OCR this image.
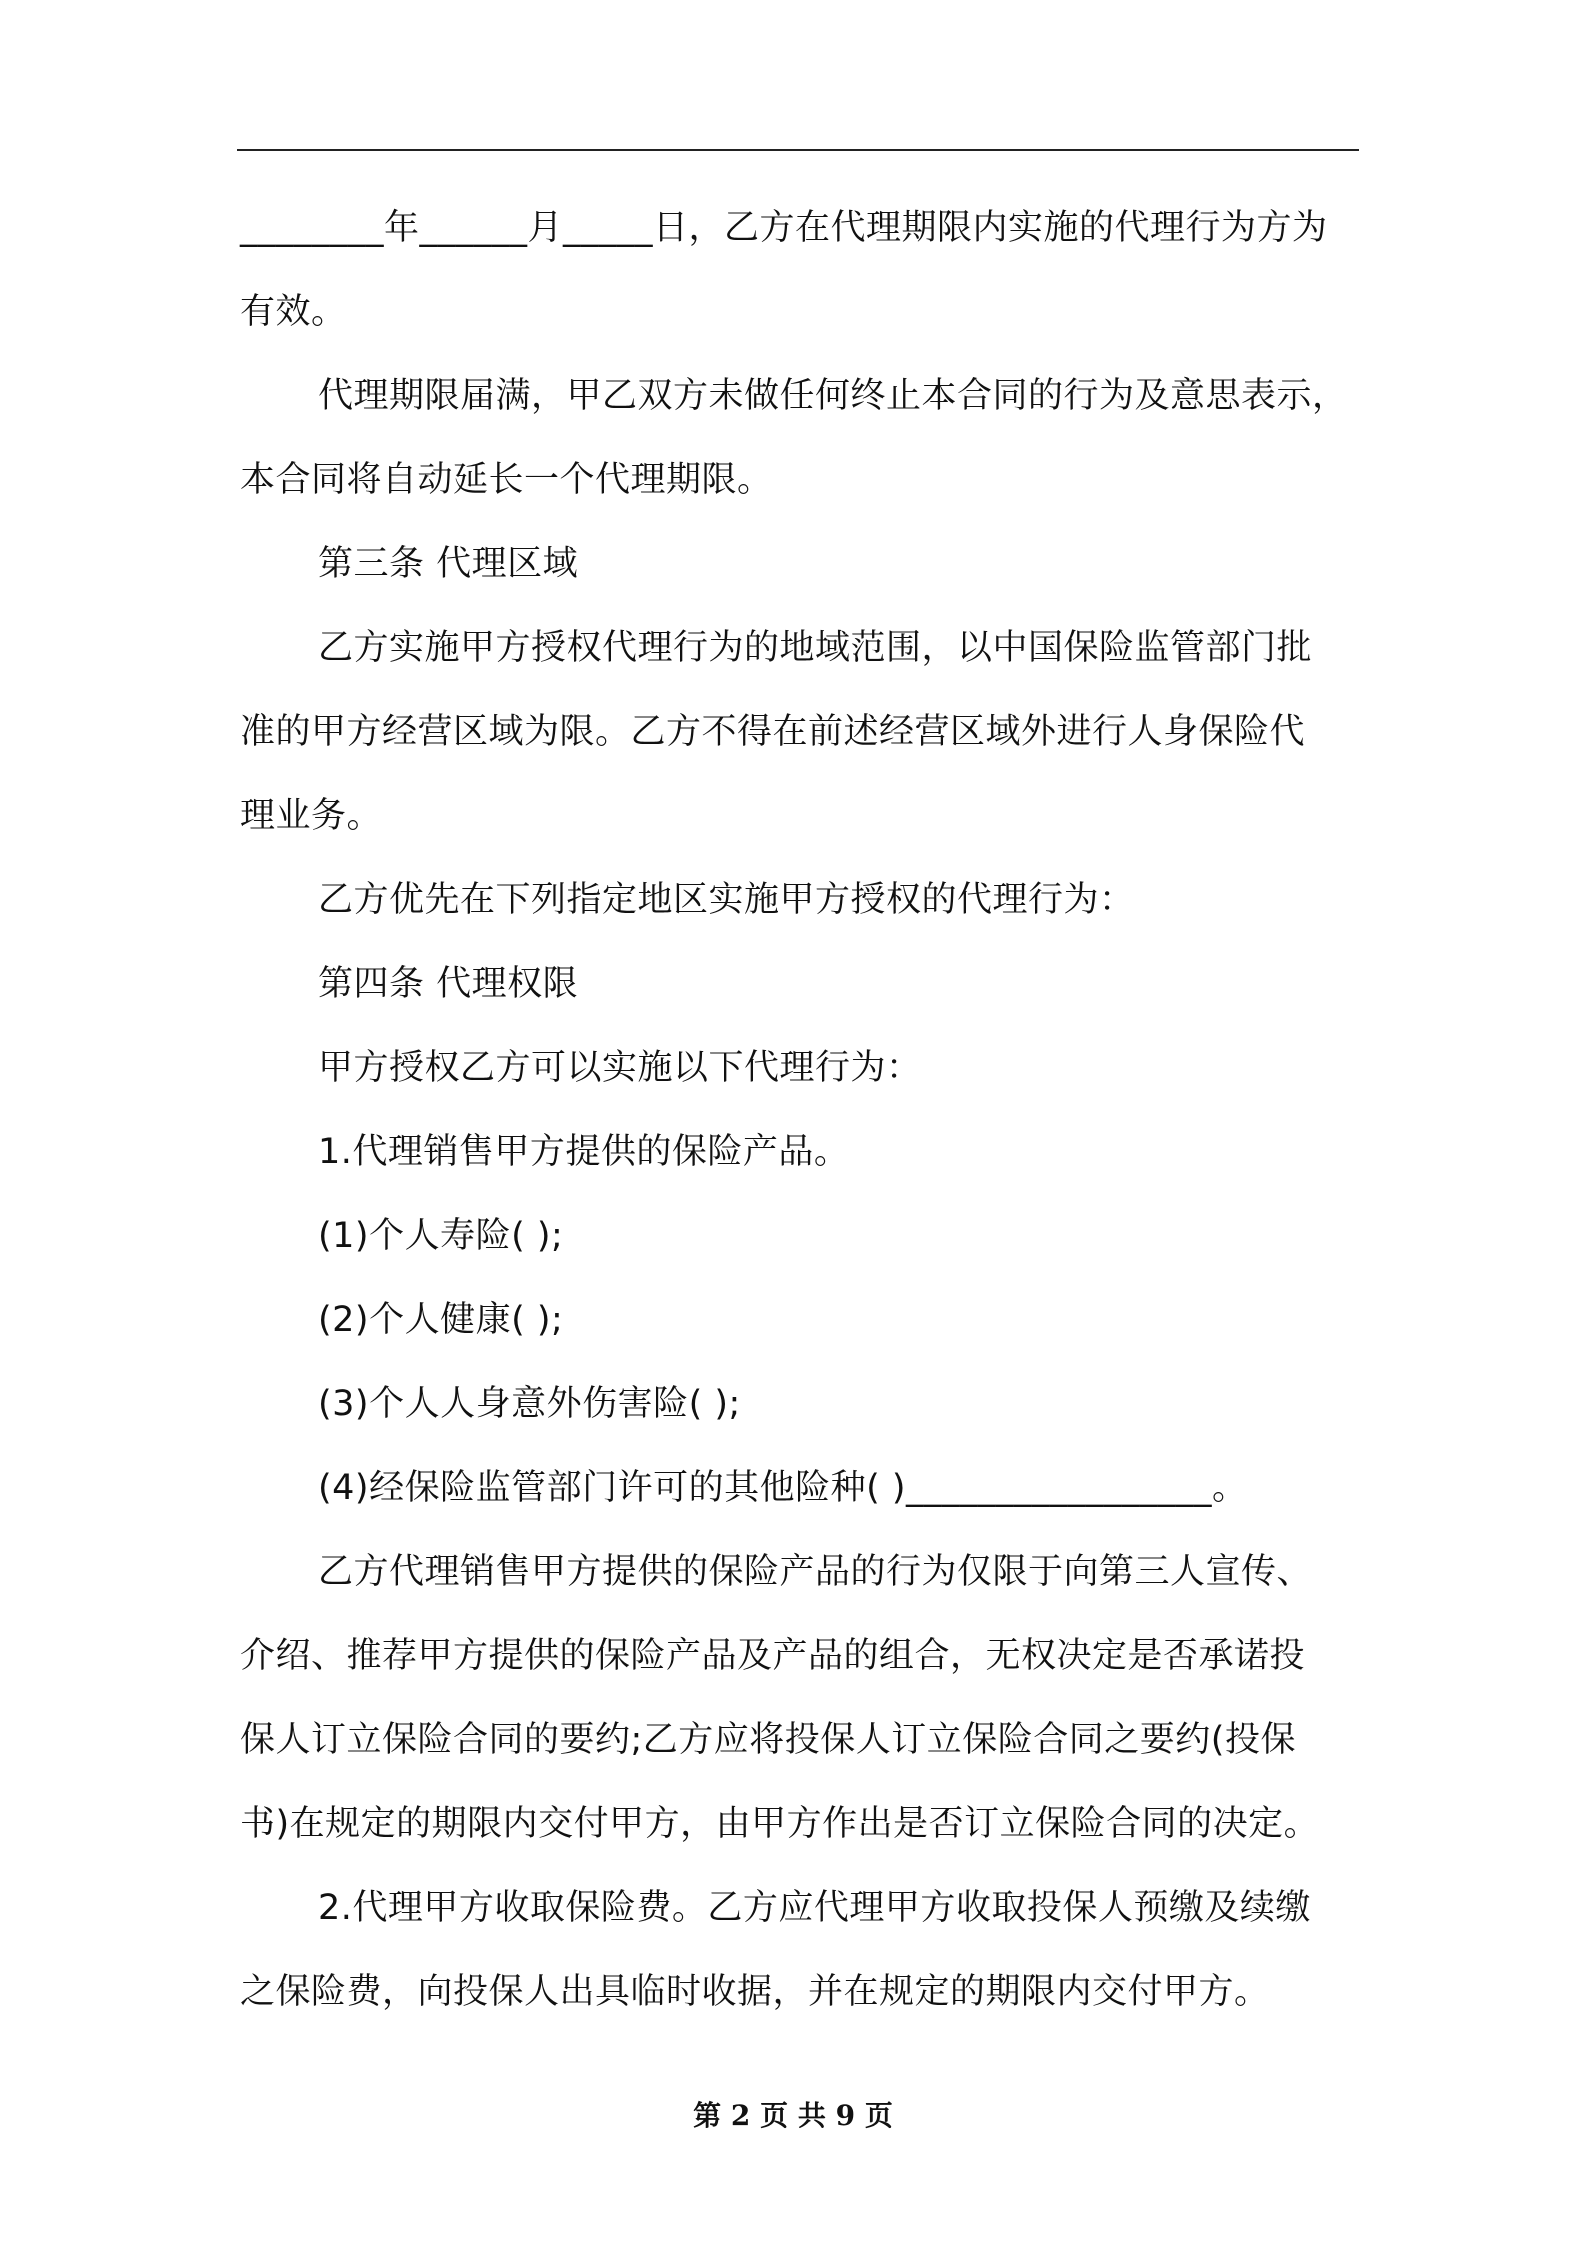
________年______月_____日，乙方在代理期限内实施的代理行为方为
有效。
代理期限届满，甲乙双方未做任何终止本合同的行为及意思表示，
本合同将自动延长一个代理期限。
第三条 代理区域
乙方实施甲方授权代理行为的地域范围，以中国保险监管部门批
准的甲方经营区域为限。乙方不得在前述经营区域外进行人身保险代
理业务。
乙方优先在下列指定地区实施甲方授权的代理行为：
第四条 代理权限
甲方授权乙方可以实施以下代理行为：
1.代理销售甲方提供的保险产品。
(1)个人寿险( );
(2)个人健康( );
(3)个人人身意外伤害险( );
(4)经保险监管部门许可的其他险种( )_________________。
乙方代理销售甲方提供的保险产品的行为仅限于向第三人宣传、
介绍、推荐甲方提供的保险产品及产品的组合，无权决定是否承诺投
保人订立保险合同的要约;乙方应将投保人订立保险合同之要约(投保
书)在规定的期限内交付甲方，由甲方作出是否订立保险合同的决定。
2.代理甲方收取保险费。乙方应代理甲方收取投保人预缴及续缴
之保险费，向投保人出具临时收据，并在规定的期限内交付甲方。
第 2 页 共 9 页
